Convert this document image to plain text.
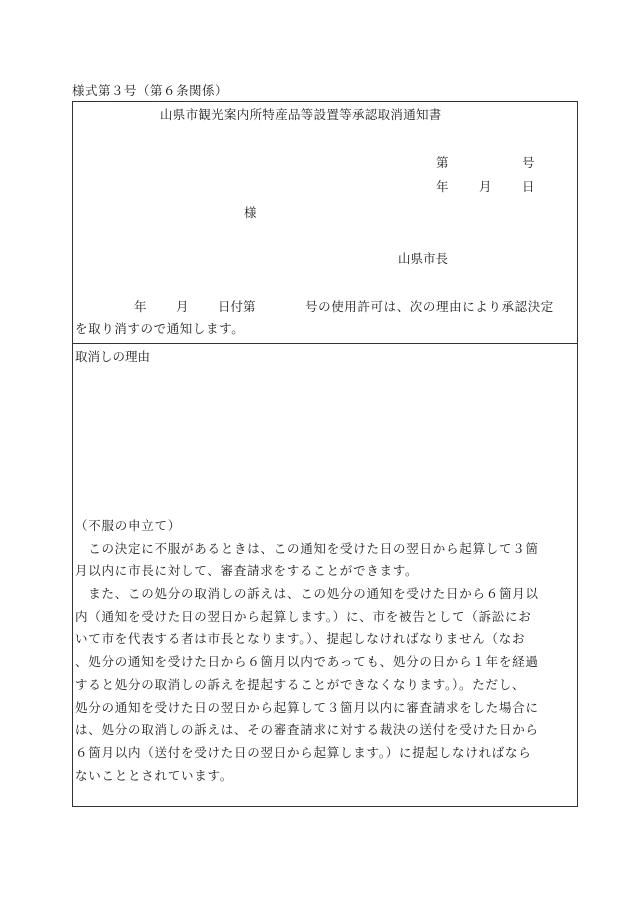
様式第３号（第６条関係）
山県市観光案内所特産品等設置等承認取消通知書
第	号
年 月 日
様
山県市長
年 月 日付第	号の使用許可は、次の理由により承認決定
を取り消すので通知します。
取消しの理由
（不服の申立て）
　この決定に不服があるときは、この通知を受けた日の翌日から起算して３箇
月以内に市長に対して、審査請求をすることができます。
　また、この処分の取消しの訴えは、この処分の通知を受けた日から６箇月以
内（通知を受けた日の翌日から起算します。）に、市を被告として（訴訟にお
いて市を代表する者は市長となります。）、提起しなければなりません（なお
、処分の通知を受けた日から６箇月以内であっても、処分の日から１年を経過
すると処分の取消しの訴えを提起することができなくなります。）。ただし、
処分の通知を受けた日の翌日から起算して３箇月以内に審査請求をした場合に
は、処分の取消しの訴えは、その審査請求に対する裁決の送付を受けた日から
６箇月以内（送付を受けた日の翌日から起算します。）に提起しなければなら
ないこととされています。
